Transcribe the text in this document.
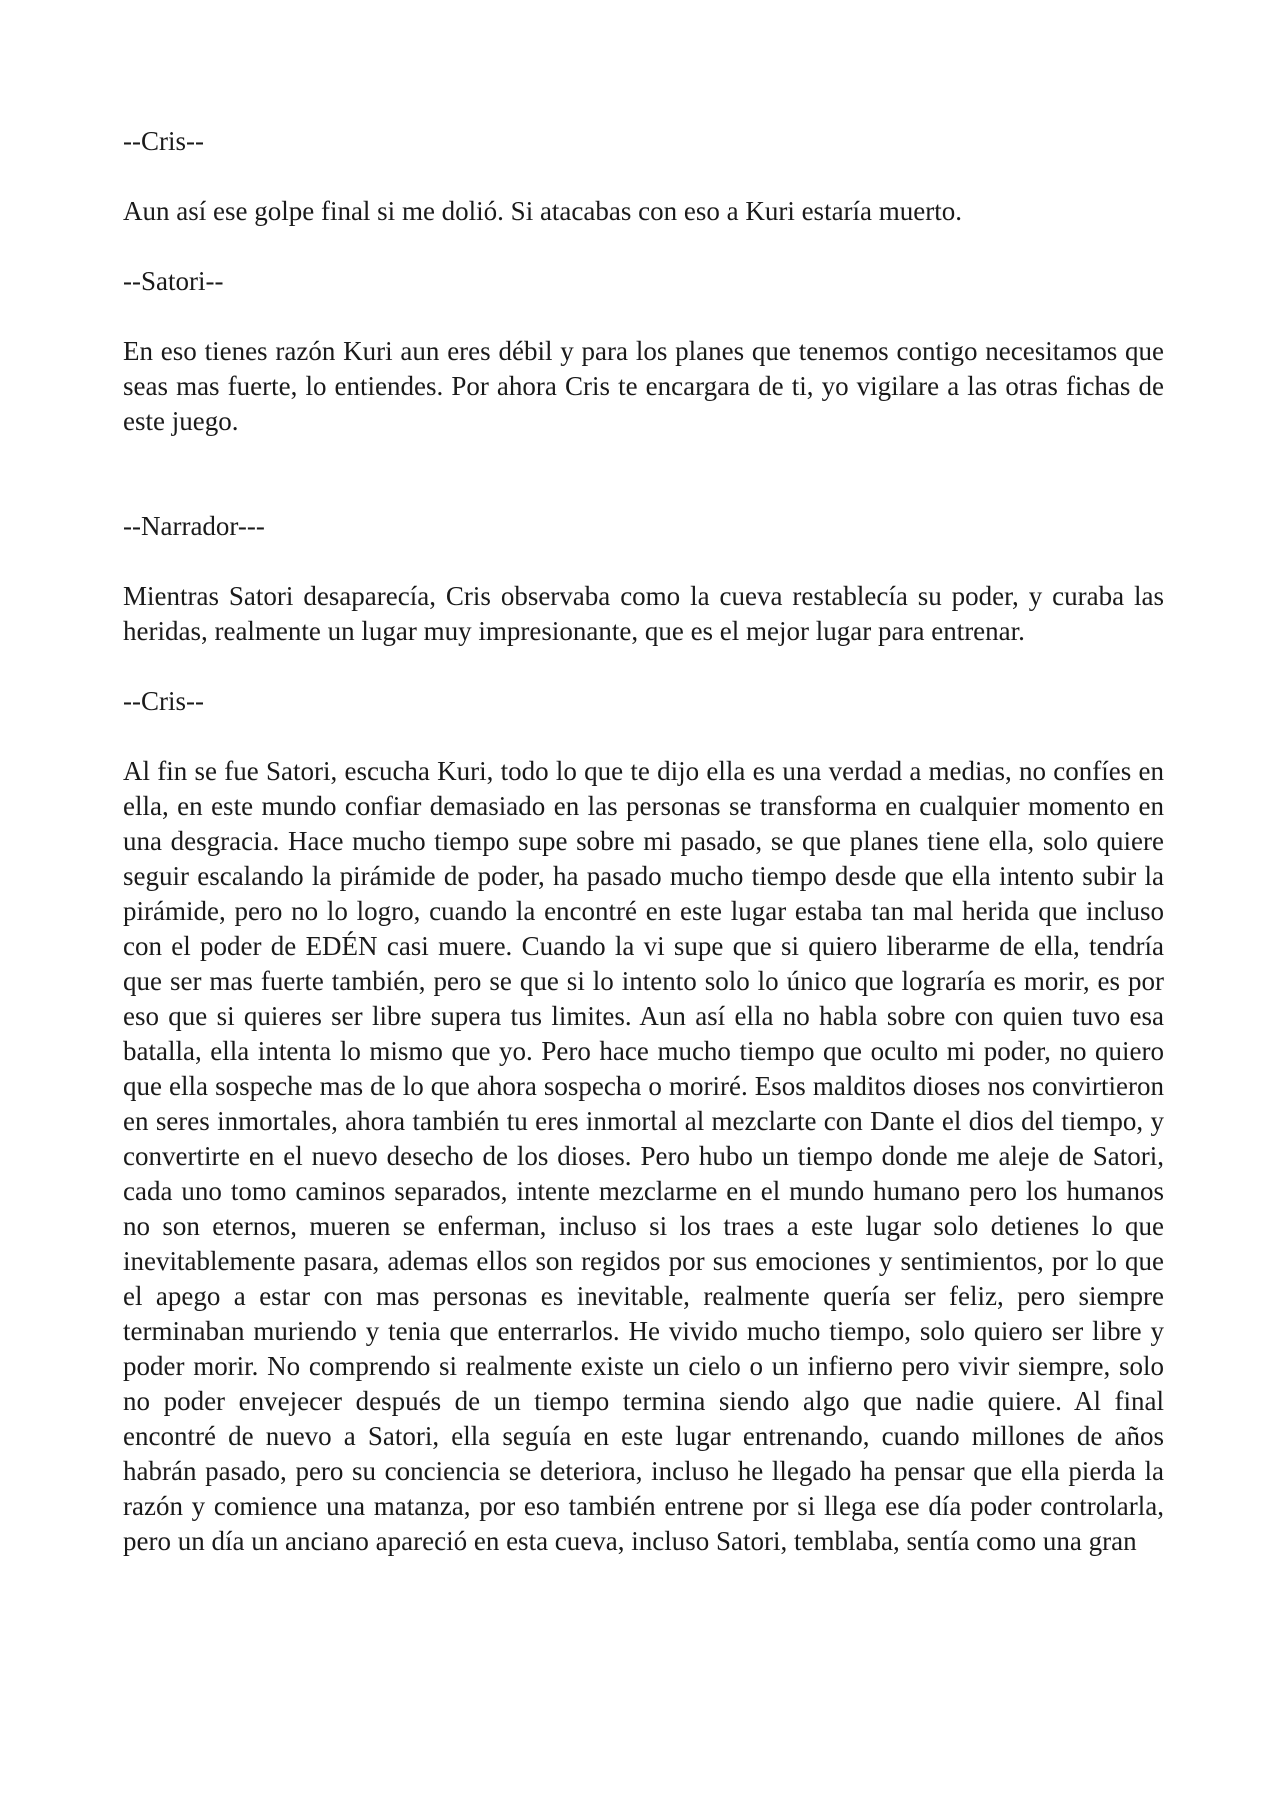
--Cris--

Aun así ese golpe final si me dolió. Si atacabas con eso a Kuri estaría muerto.

--Satori--

En eso tienes razón Kuri aun eres débil y para los planes que tenemos contigo necesitamos que seas mas fuerte, lo entiendes. Por ahora Cris te encargara de ti, yo vigilare a las otras fichas de este juego.

--Narrador---

Mientras Satori desaparecía, Cris observaba como la cueva restablecía su poder, y curaba las heridas, realmente un lugar muy impresionante, que es el mejor lugar para entrenar.

--Cris--

Al fin se fue Satori, escucha Kuri, todo lo que te dijo ella es una verdad a medias, no confíes en ella, en este mundo confiar demasiado en las personas se transforma en cualquier momento en una desgracia. Hace mucho tiempo supe sobre mi pasado, se que planes tiene ella, solo quiere seguir escalando la pirámide de poder, ha pasado mucho tiempo desde que ella intento subir la pirámide, pero no lo logro, cuando la encontré en este lugar estaba tan mal herida que incluso con el poder de EDÉN casi muere. Cuando la vi supe que si quiero liberarme de ella, tendría que ser mas fuerte también, pero se que si lo intento solo lo único que lograría es morir, es por eso que si quieres ser libre supera tus limites. Aun así ella no habla sobre con quien tuvo esa batalla, ella intenta lo mismo que yo. Pero hace mucho tiempo que oculto mi poder, no quiero que ella sospeche mas de lo que ahora sospecha o moriré. Esos malditos dioses nos convirtieron en seres inmortales, ahora también tu eres inmortal al mezclarte con Dante el dios del tiempo, y convertirte en el nuevo desecho de los dioses. Pero hubo un tiempo donde me aleje de Satori, cada uno tomo caminos separados, intente mezclarme en el mundo humano pero los humanos no son eternos, mueren se enferman, incluso si los traes a este lugar solo detienes lo que inevitablemente pasara, ademas ellos son regidos por sus emociones y sentimientos, por lo que el apego a estar con mas personas es inevitable, realmente quería ser feliz, pero siempre terminaban muriendo y tenia que enterrarlos. He vivido mucho tiempo, solo quiero ser libre y poder morir. No comprendo si realmente existe un cielo o un infierno pero vivir siempre, solo no poder envejecer después de un tiempo termina siendo algo que nadie quiere. Al final encontré de nuevo a Satori, ella seguía en este lugar entrenando, cuando millones de años habrán pasado, pero su conciencia se deteriora, incluso he llegado ha pensar que ella pierda la razón y comience una matanza, por eso también entrene por si llega ese día poder controlarla, pero un día un anciano apareció en esta cueva, incluso Satori, temblaba, sentía como una gran
